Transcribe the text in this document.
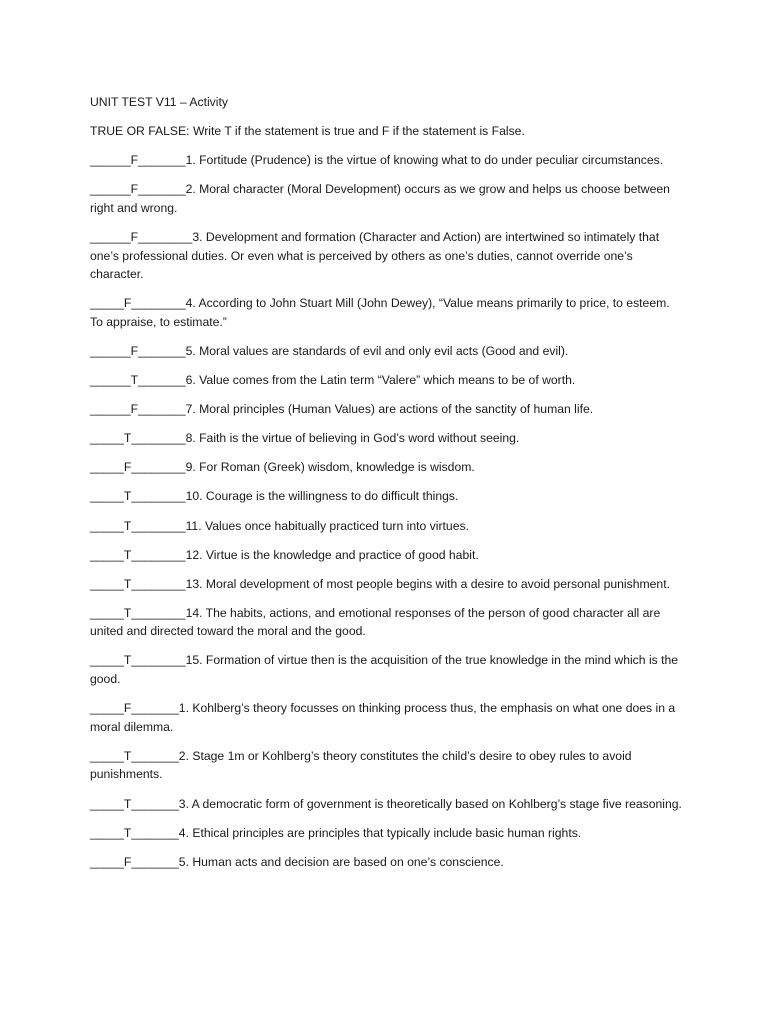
UNIT TEST V11 – Activity

TRUE OR FALSE: Write T if the statement is true and F if the statement is False.

______F_______1. Fortitude (Prudence) is the virtue of knowing what to do under peculiar circumstances.

______F_______2. Moral character (Moral Development) occurs as we grow and helps us choose between right and wrong.

______F________3. Development and formation (Character and Action) are intertwined so intimately that one’s professional duties. Or even what is perceived by others as one’s duties, cannot override one’s character.

_____F________4. According to John Stuart Mill (John Dewey), “Value means primarily to price, to esteem. To appraise, to estimate.”

______F_______5. Moral values are standards of evil and only evil acts (Good and evil).

______T_______6. Value comes from the Latin term “Valere” which means to be of worth.

______F_______7. Moral principles (Human Values) are actions of the sanctity of human life.

_____T________8. Faith is the virtue of believing in God’s word without seeing.

_____F________9. For Roman (Greek) wisdom, knowledge is wisdom.

_____T________10. Courage is the willingness to do difficult things.

_____T________11. Values once habitually practiced turn into virtues.

_____T________12. Virtue is the knowledge and practice of good habit.

_____T________13. Moral development of most people begins with a desire to avoid personal punishment.

_____T________14. The habits, actions, and emotional responses of the person of good character all are united and directed toward the moral and the good.

_____T________15. Formation of virtue then is the acquisition of the true knowledge in the mind which is the good.

_____F_______1. Kohlberg’s theory focusses on thinking process thus, the emphasis on what one does in a moral dilemma.

_____T_______2. Stage 1m or Kohlberg’s theory constitutes the child’s desire to obey rules to avoid punishments.

_____T_______3. A democratic form of government is theoretically based on Kohlberg’s stage five reasoning.

_____T_______4. Ethical principles are principles that typically include basic human rights.

_____F_______5. Human acts and decision are based on one’s conscience.
